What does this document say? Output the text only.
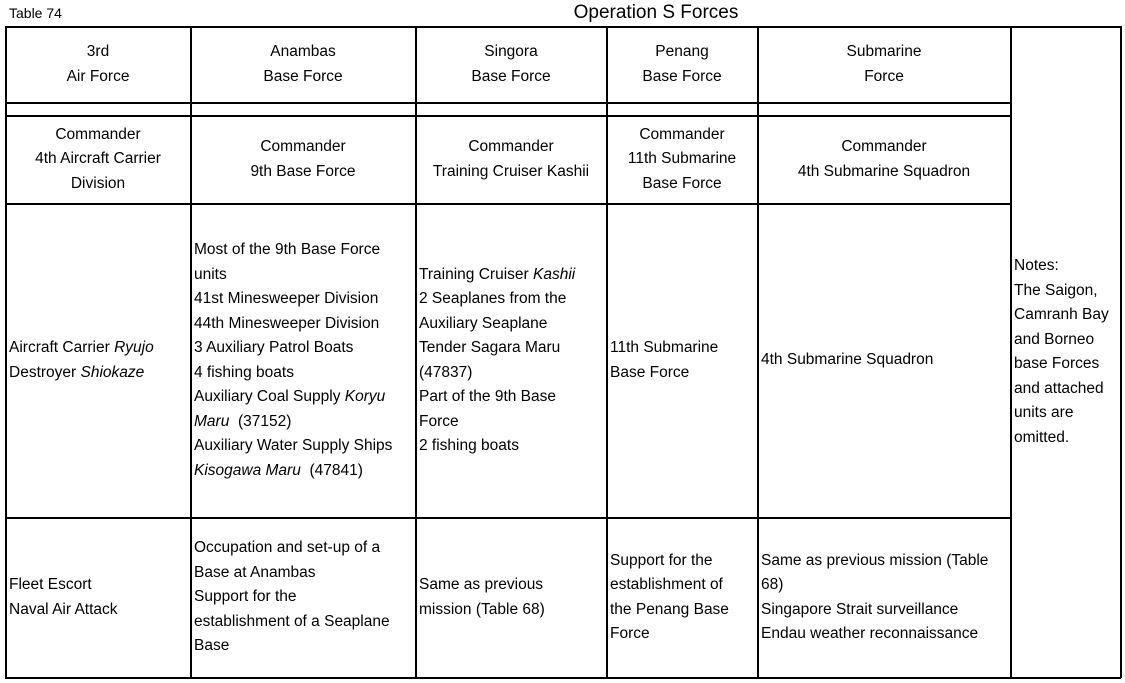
Table 74	Operation S Forces
3rd
Air Force
Anambas
Base Force
Singora
Base Force
Penang
Base Force
Submarine
Force
Commander
4th Aircraft Carrier
Division
Commander
9th Base Force
Commander
Training Cruiser Kashii
Commander
11th Submarine
Base Force
Commander
4th Submarine Squadron
Aircraft Carrier Ryujo
Destroyer Shiokaze
Most of the 9th Base Force
units
41st Minesweeper Division
44th Minesweeper Division
3 Auxiliary Patrol Boats
4 fishing boats
Auxiliary Coal Supply Koryu
Maru  (37152)
Auxiliary Water Supply Ships
Kisogawa Maru  (47841)
Training Cruiser Kashii
2 Seaplanes from the
Auxiliary Seaplane
Tender Sagara Maru
(47837)
Part of the 9th Base
Force
2 fishing boats
11th Submarine
Base Force
4th Submarine Squadron
Fleet Escort
Naval Air Attack
Occupation and set-up of a
Base at Anambas
Support for the
establishment of a Seaplane
Base
Same as previous
mission (Table 68)
Support for the
establishment of
the Penang Base
Force
Same as previous mission (Table
68)
Singapore Strait surveillance
Endau weather reconnaissance
Notes:
The Saigon,
Camranh Bay
and Borneo
base Forces
and attached
units are
omitted.
